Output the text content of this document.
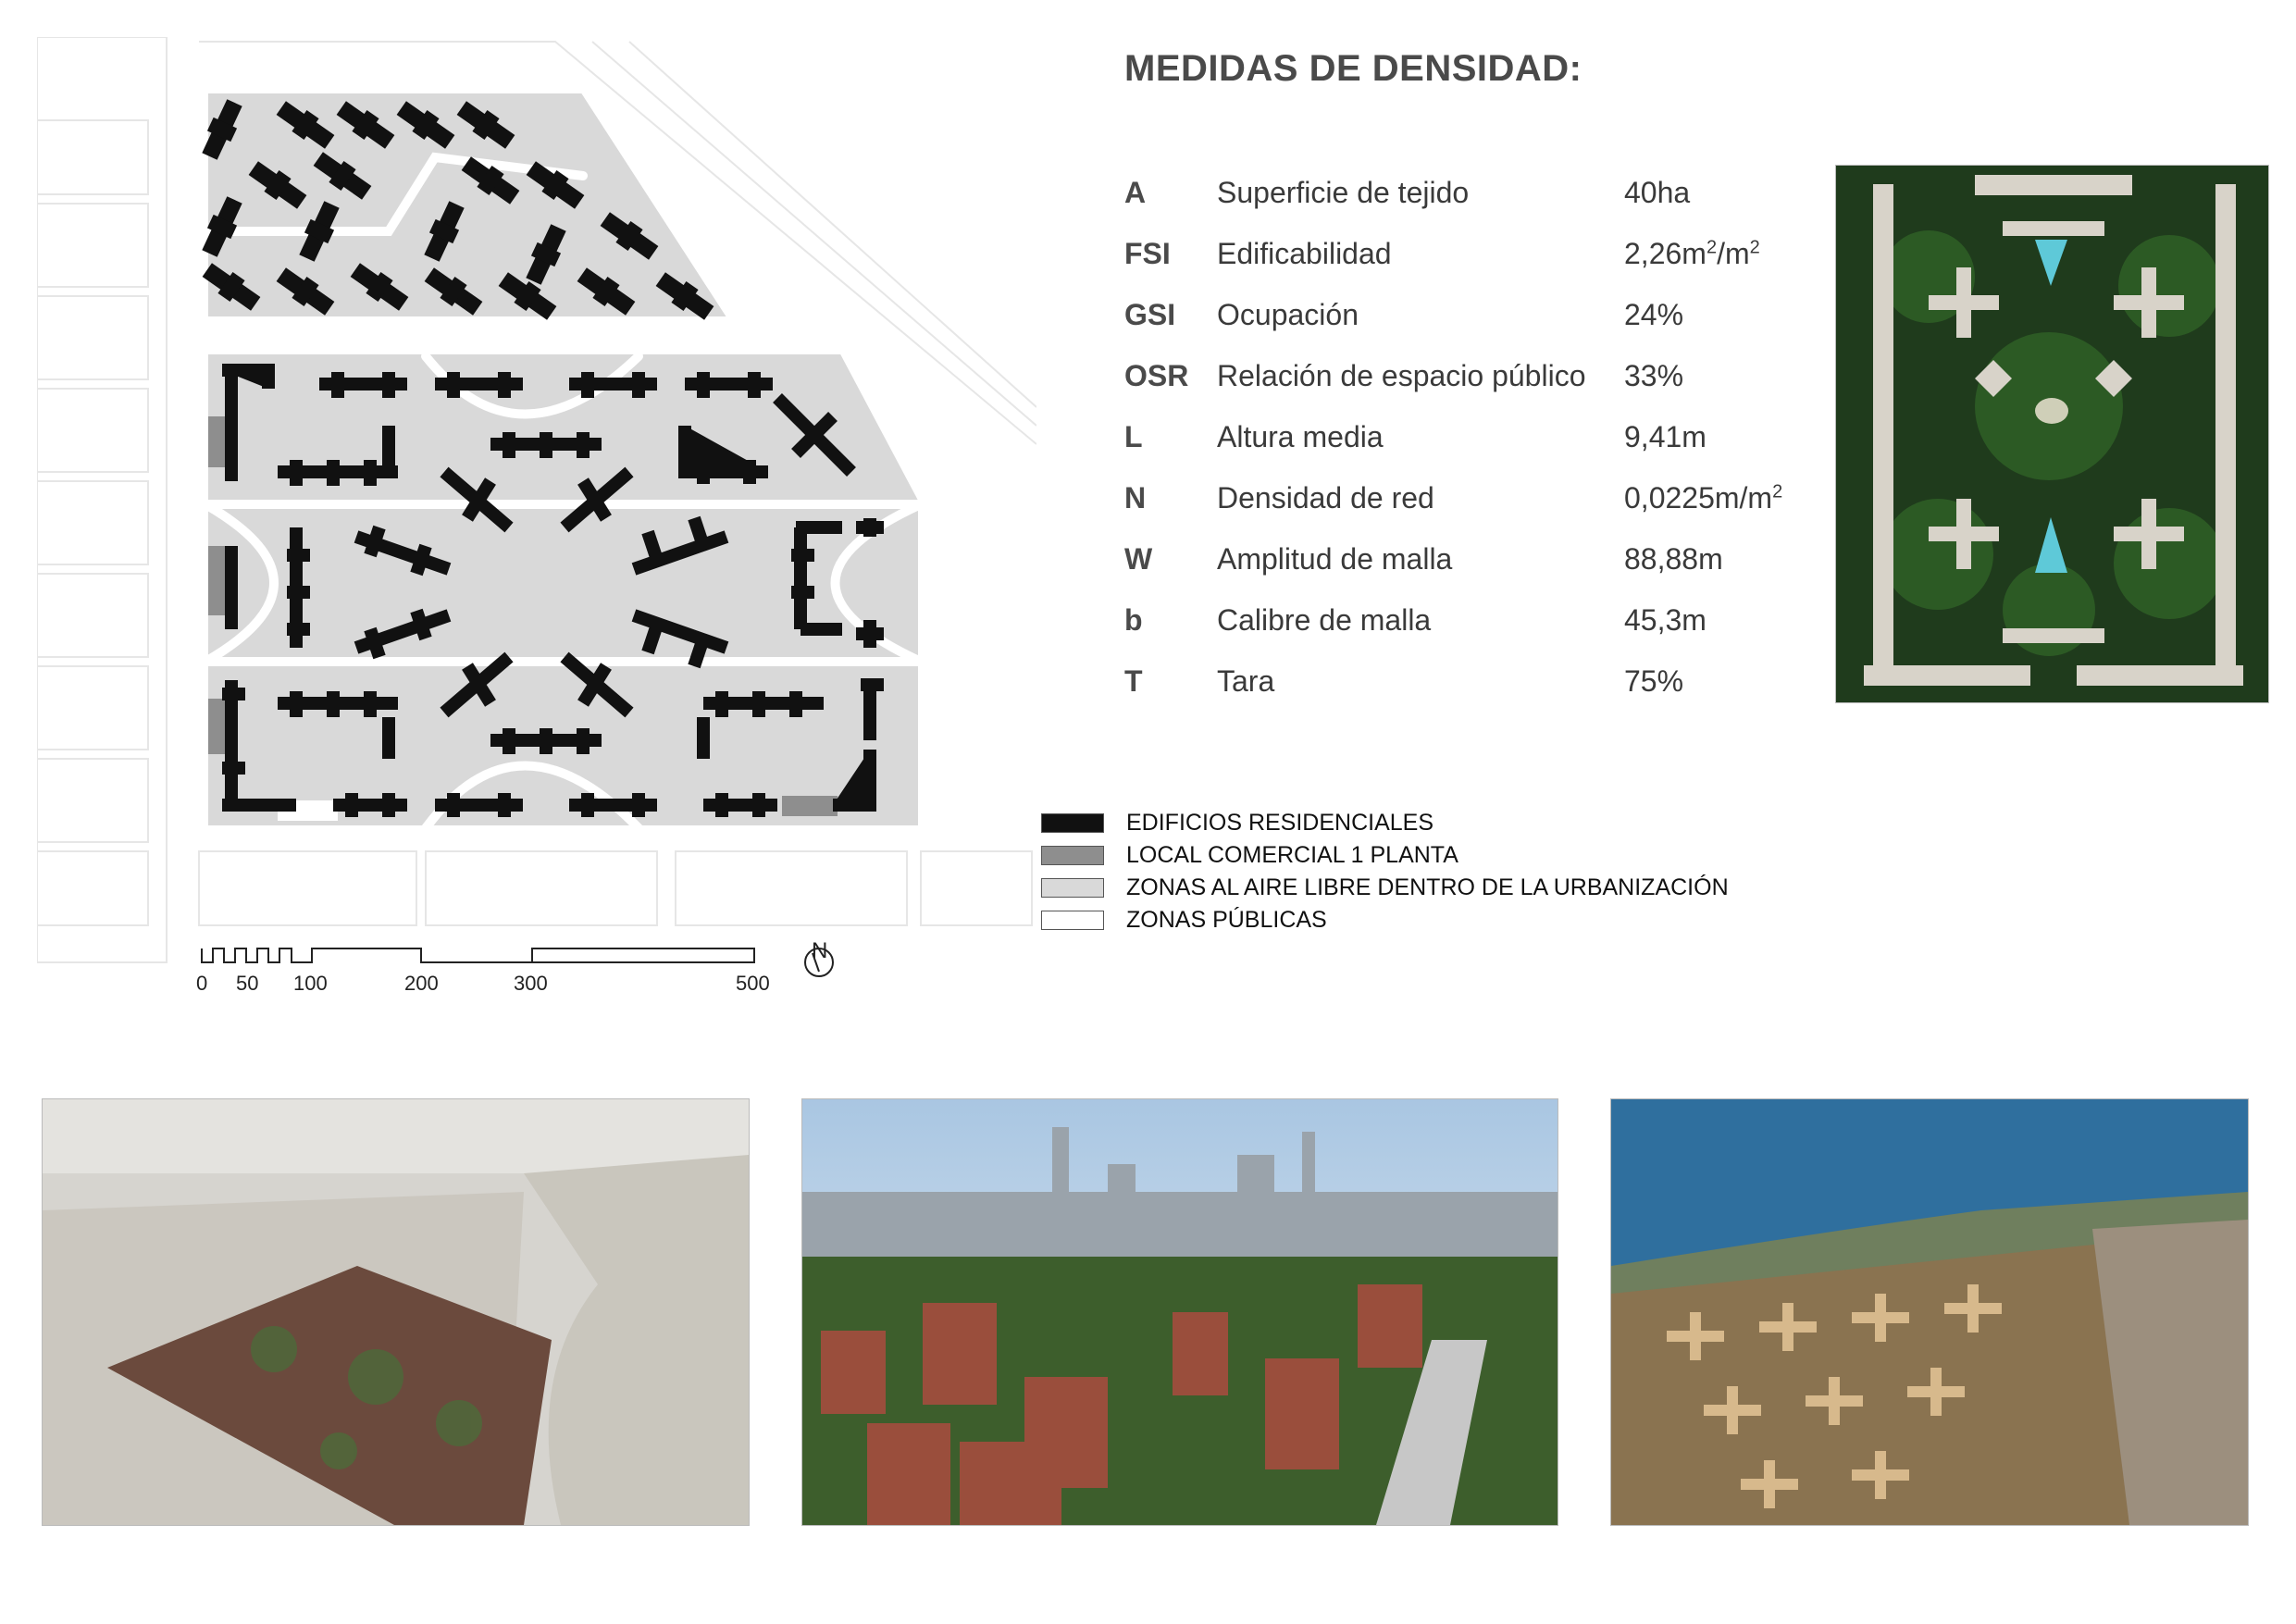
0 50 100	200	300	500
N
MEDIDAS DE DENSIDAD:
A Superficie de tejido	40ha
FSI Edificabilidad	$2,26m^2/m^2$
GSI Ocupación	24%
OSR Relación de espacio público 33%
L	Altura media	9,41m
N Densidad de red	$0,0225m/m^2$
W Amplitud de malla	88,88m
b	Calibre de malla	45,3m
T	Tara	75%
EDIFICIOS RESIDENCIALES
LOCAL COMERCIAL 1 PLANTA
ZONAS AL AIRE LIBRE DENTRO DE LA URBANIZACIÓN
ZONAS PÚBLICAS
